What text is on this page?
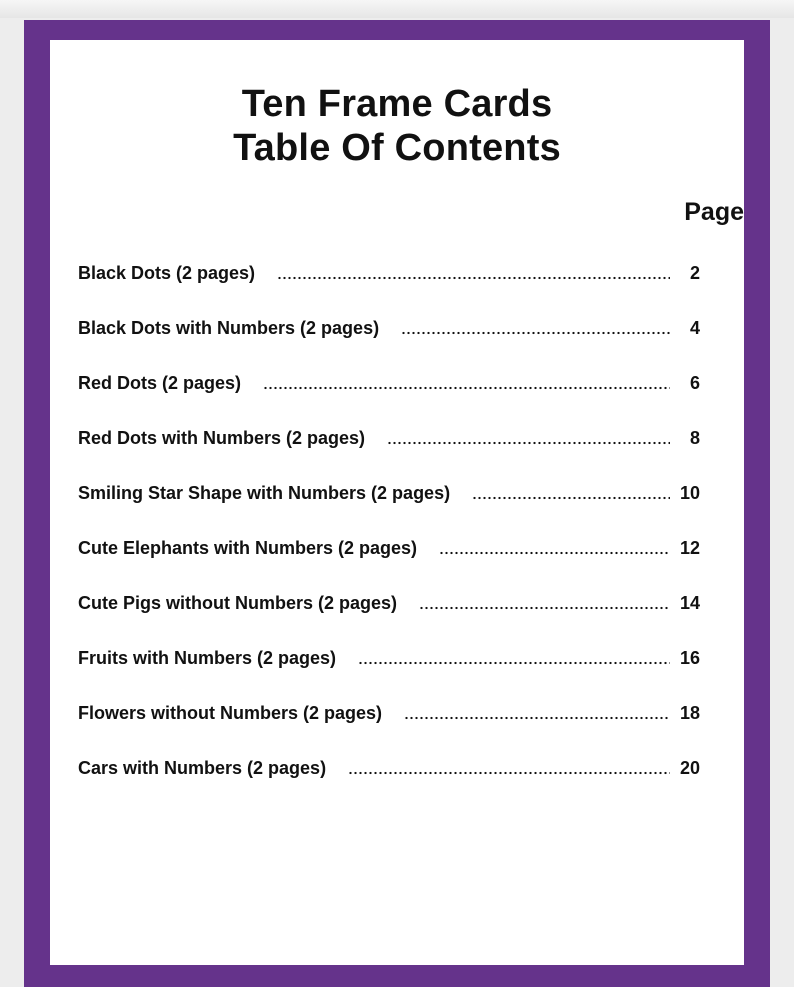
Ten Frame Cards
Table Of Contents
Page
Black Dots (2 pages)	2
Black Dots with Numbers (2 pages)	4
Red Dots (2 pages)	6
Red Dots with Numbers (2 pages)	8
Smiling Star Shape with Numbers (2 pages)	10
Cute Elephants with Numbers (2 pages)	12
Cute Pigs without Numbers (2 pages)	14
Fruits with Numbers (2 pages)	16
Flowers without Numbers (2 pages)	18
Cars with Numbers (2 pages)	20
